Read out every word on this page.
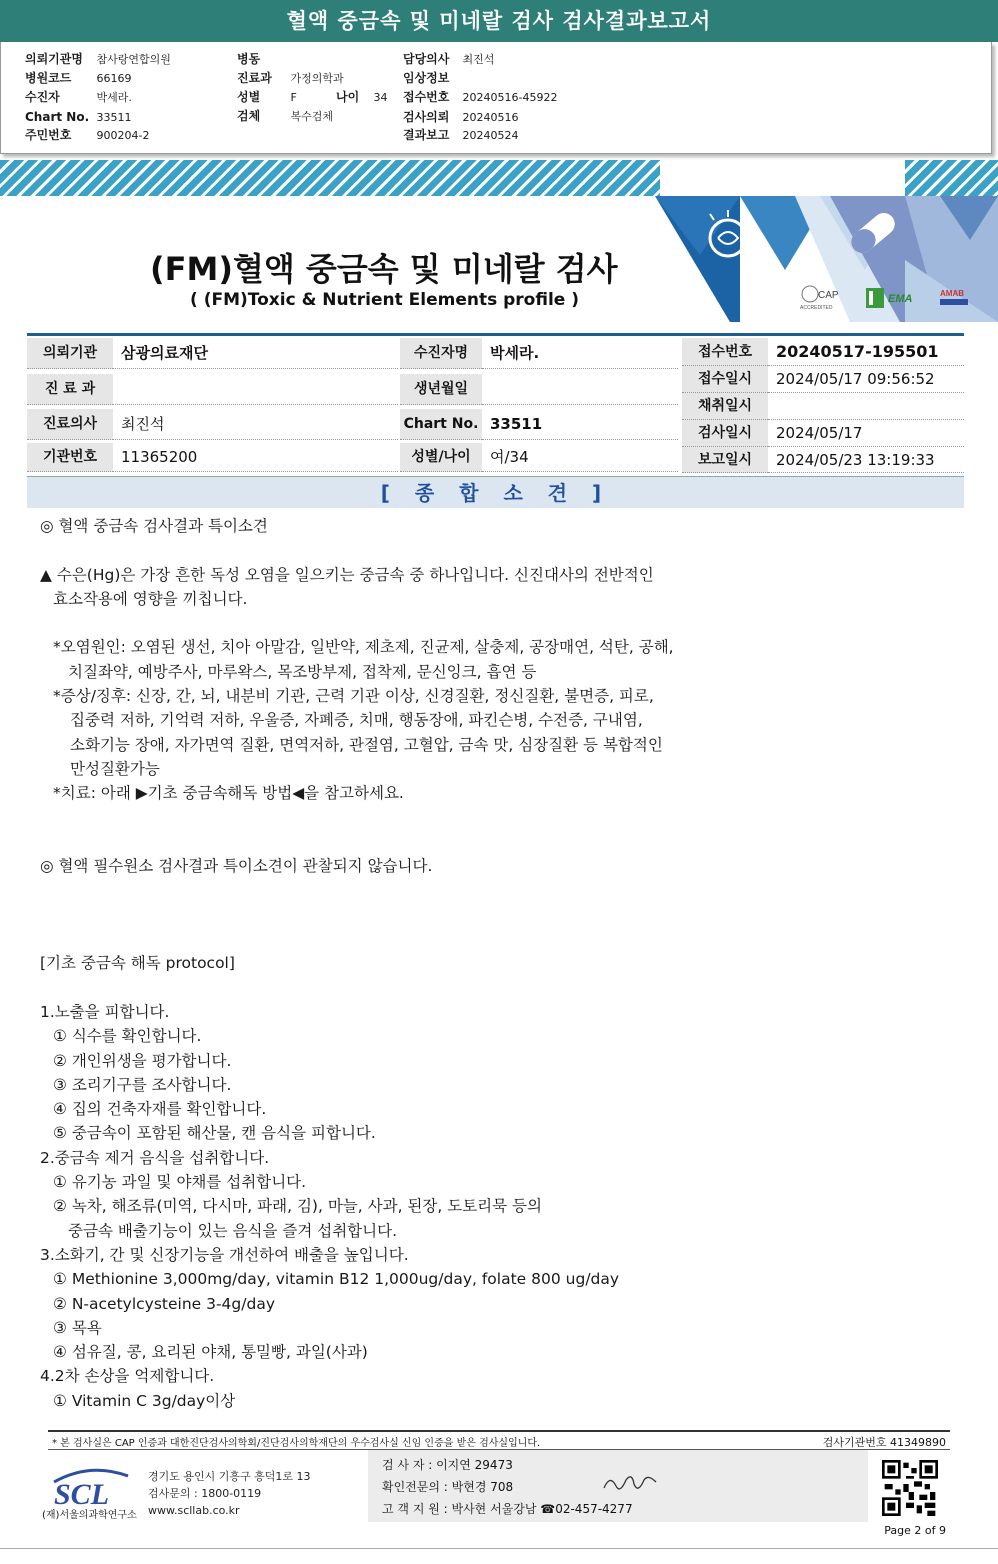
혈액 중금속 및 미네랄 검사 검사결과보고서
의뢰기관명 참사랑연합의원
병원코드 66169
수진자	박세라.
Chart No. 33511
주민번호 900204-2
병동
진료과 가정의학과
성별	F	나이 34
검체	복수검체
담당의사 최진석
임상정보
접수번호 20240516-45922
검사의뢰 20240516
결과보고 20240524
CAP
ACCREDITED
EMA	AMAB
(FM)혈액 중금속 및 미네랄 검사
( (FM)Toxic & Nutrient Elements profile )
의뢰기관	삼광의료재단
진 료 과
진료의사	최진석
기관번호	11365200
수진자명	박세라.
생년월일
Chart No. 33511
성별/나이	여/34
접수번호	20240517-195501
접수일시	2024/05/17 09:56:52
채취일시
검사일시	2024/05/17
보고일시	2024/05/23 13:19:33
[ 종 합 소 견 ]
◎ 혈액 중금속 검사결과 특이소견
▲ 수은(Hg)은 가장 흔한 독성 오염을 일으키는 중금속 중 하나입니다. 신진대사의 전반적인
효소작용에 영향을 끼칩니다.
*오염원인: 오염된 생선, 치아 아말감, 일반약, 제초제, 진균제, 살충제, 공장매연, 석탄, 공해,
치질좌약, 예방주사, 마루왁스, 목조방부제, 접착제, 문신잉크, 흡연 등
*증상/징후: 신장, 간, 뇌, 내분비 기관, 근력 기관 이상, 신경질환, 정신질환, 불면증, 피로,
집중력 저하, 기억력 저하, 우울증, 자폐증, 치매, 행동장애, 파킨슨병, 수전증, 구내염,
소화기능 장애, 자가면역 질환, 면역저하, 관절염, 고혈압, 금속 맛, 심장질환 등 복합적인
만성질환가능
*치료: 아래 ▶기초 중금속해독 방법◀을 참고하세요.
◎ 혈액 필수원소 검사결과 특이소견이 관찰되지 않습니다.
[기초 중금속 해독 protocol]
1.노출을 피합니다.
① 식수를 확인합니다.
② 개인위생을 평가합니다.
③ 조리기구를 조사합니다.
④ 집의 건축자재를 확인합니다.
⑤ 중금속이 포함된 해산물, 캔 음식을 피합니다.
2.중금속 제거 음식을 섭취합니다.
① 유기농 과일 및 야채를 섭취합니다.
② 녹차, 해조류(미역, 다시마, 파래, 김), 마늘, 사과, 된장, 도토리묵 등의
중금속 배출기능이 있는 음식을 즐겨 섭취합니다.
3.소화기, 간 및 신장기능을 개선하여 배출을 높입니다.
① Methionine 3,000mg/day, vitamin B12 1,000ug/day, folate 800 ug/day
② N-acetylcysteine 3-4g/day
③ 목욕
④ 섬유질, 콩, 요리된 야채, 통밀빵, 과일(사과)
4.2차 손상을 억제합니다.
① Vitamin C 3g/day이상
* 본 검사실은 CAP 인증과 대한진단검사의학회/진단검사의학재단의 우수검사실 신임 인증을 받은 검사실입니다.	검사기관번호 41349890
SCL
(재)서울의과학연구소
경기도 용인시 기흥구 흥덕1로 13
검사문의 : 1800-0119
www.scllab.co.kr
검 사 자 : 이지연 29473
확인전문의 : 박현경 708
고 객 지 원 : 박사현 서울강남 ☎02-457-4277
Page 2 of 9
